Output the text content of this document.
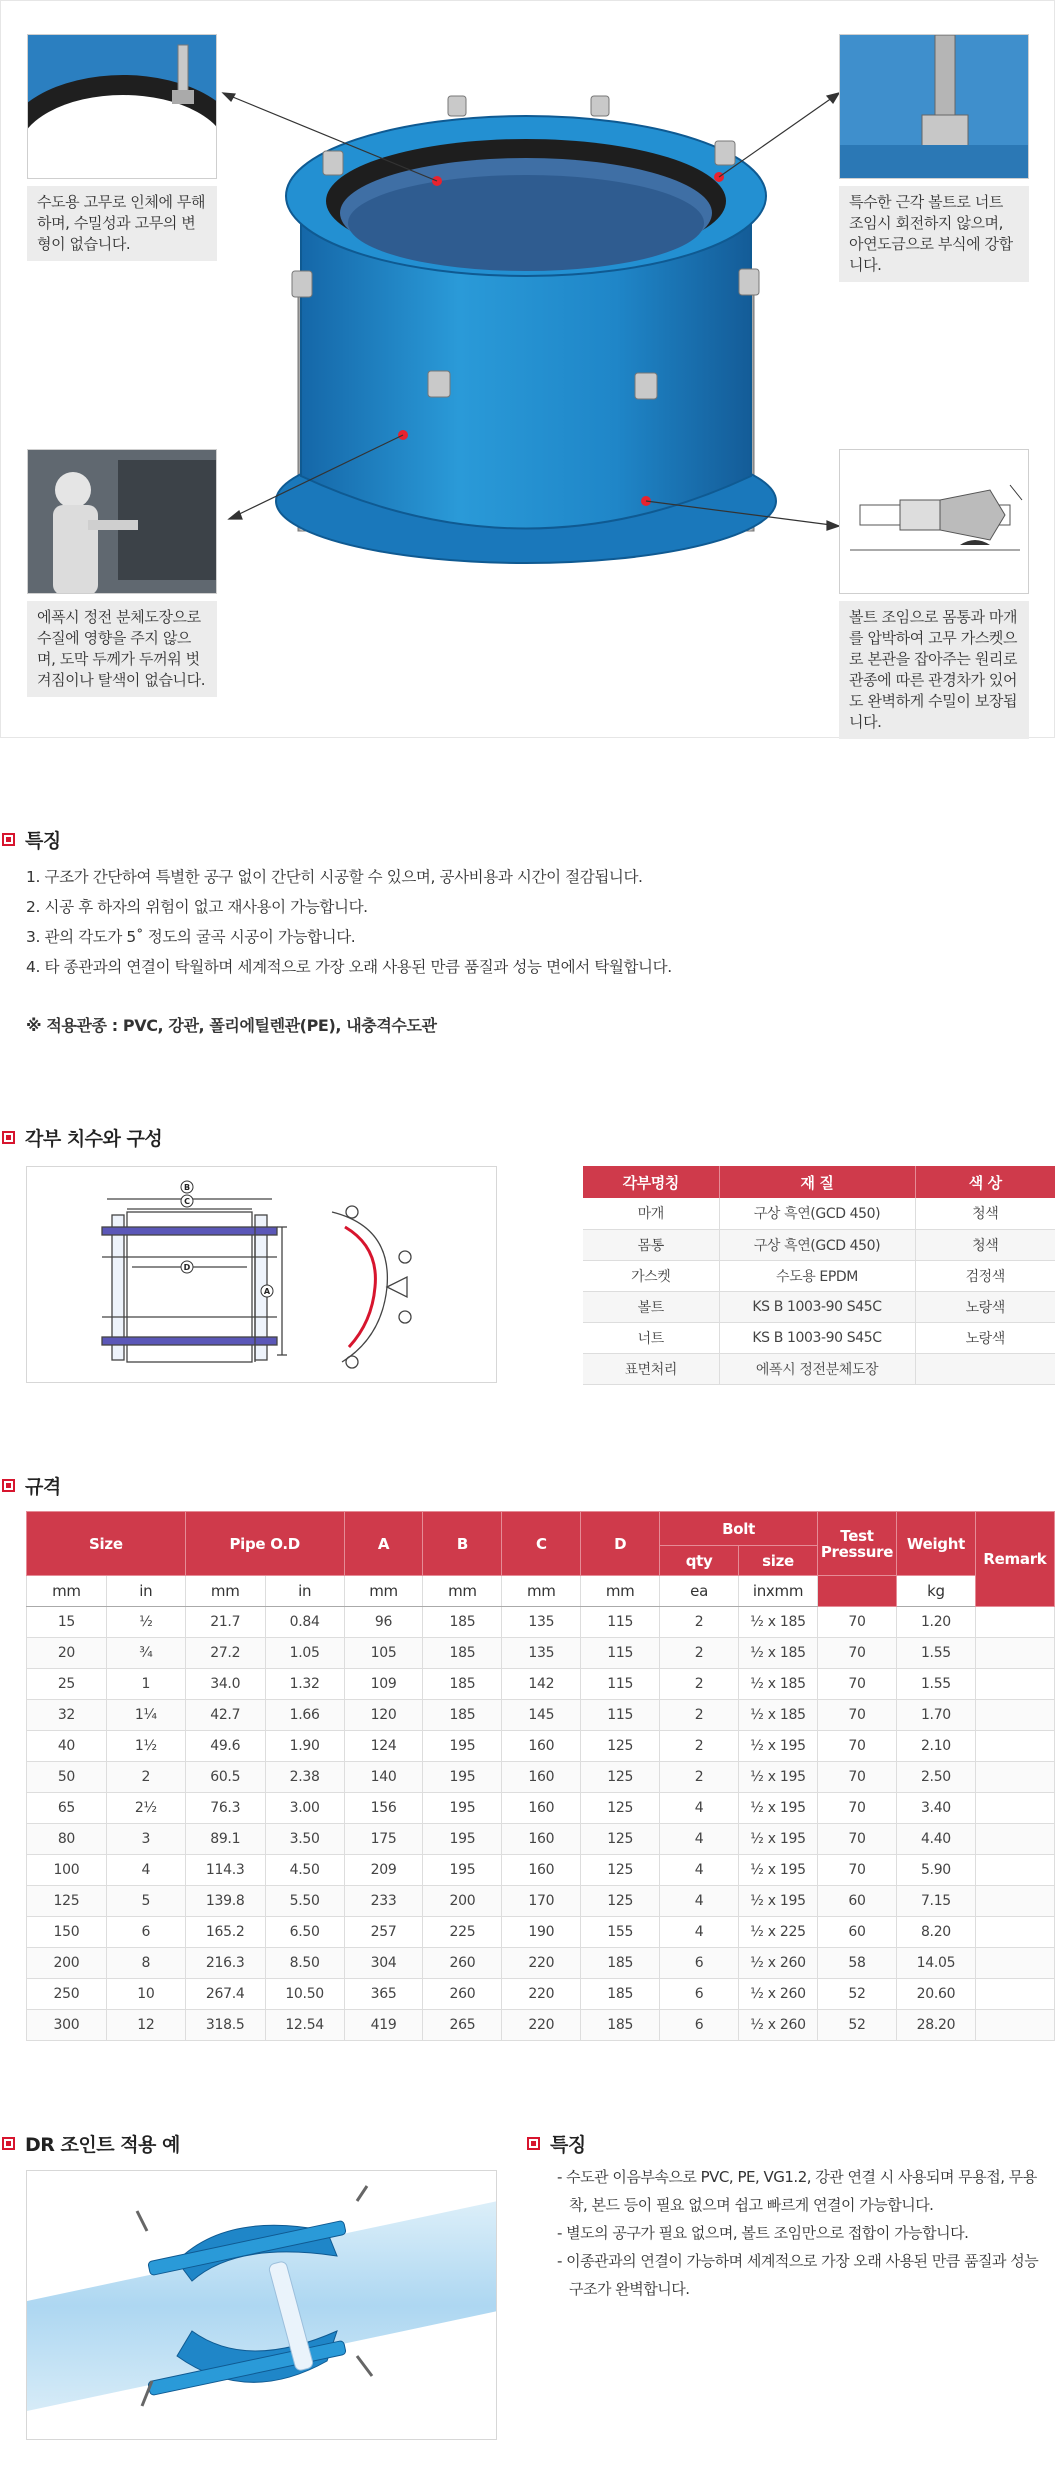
수도용 고무로 인체에 무해하며, 수밀성과 고무의 변형이 없습니다.
특수한 근각 볼트로 너트 조임시 회전하지 않으며, 아연도금으로 부식에 강합니다.
에폭시 정전 분체도장으로 수질에 영향을 주지 않으며, 도막 두께가 두꺼워 벗겨짐이나 탈색이 없습니다.
볼트 조임으로 몸통과 마개를 압박하여 고무 가스켓으로 본관을 잡아주는 원리로 관종에 따른 관경차가 있어도 완벽하게 수밀이 보장됩니다.
특징
1. 구조가 간단하여 특별한 공구 없이 간단히 시공할 수 있으며, 공사비용과 시간이 절감됩니다.
2. 시공 후 하자의 위험이 없고 재사용이 가능합니다.
3. 관의 각도가 5˚ 정도의 굴곡 시공이 가능합니다.
4. 타 종관과의 연결이 탁월하며 세계적으로 가장 오래 사용된 만큼 품질과 성능 면에서 탁월합니다.
※ 적용관종 : PVC, 강관, 폴리에틸렌관(PE), 내충격수도관
각부 치수와 구성
B
C
D
A
각부명칭	재 질	색 상
마개	구상 흑연(GCD 450)	청색
몸통	구상 흑연(GCD 450)	청색
가스켓	수도용 EPDM	검정색
볼트	KS B 1003-90 S45C	노랑색
너트	KS B 1003-90 S45C	노랑색
표면처리	에폭시 정전분체도장	
규격
Size		Pipe O.D		A	B	C	D	Bolt		Test Pressure	Weight	Remark
								qty	size			
mm	in	mm	in	mm	mm	mm	mm	ea	inxmm		kg	
15	½	21.7	0.84	96	185	135	115	2	½ x 185	70	1.20	
20	¾	27.2	1.05	105	185	135	115	2	½ x 185	70	1.55	
25	1	34.0	1.32	109	185	142	115	2	½ x 185	70	1.55	
32	1¼	42.7	1.66	120	185	145	115	2	½ x 185	70	1.70	
40	1½	49.6	1.90	124	195	160	125	2	½ x 195	70	2.10	
50	2	60.5	2.38	140	195	160	125	2	½ x 195	70	2.50	
65	2½	76.3	3.00	156	195	160	125	4	½ x 195	70	3.40	
80	3	89.1	3.50	175	195	160	125	4	½ x 195	70	4.40	
100	4	114.3	4.50	209	195	160	125	4	½ x 195	70	5.90	
125	5	139.8	5.50	233	200	170	125	4	½ x 195	60	7.15	
150	6	165.2	6.50	257	225	190	155	4	½ x 225	60	8.20	
200	8	216.3	8.50	304	260	220	185	6	½ x 260	58	14.05	
250	10	267.4	10.50	365	260	220	185	6	½ x 260	52	20.60	
300	12	318.5	12.54	419	265	220	185	6	½ x 260	52	28.20	
DR 조인트 적용 예	특징
- 수도관 이음부속으로 PVC, PE, VG1.2, 강관 연결 시 사용되며 무용접, 무용착, 본드 등이 필요 없으며 쉽고 빠르게 연결이 가능합니다.
- 별도의 공구가 필요 없으며, 볼트 조임만으로 접합이 가능합니다.
- 이종관과의 연결이 가능하며 세계적으로 가장 오래 사용된 만큼 품질과 성능 구조가 완벽합니다.
